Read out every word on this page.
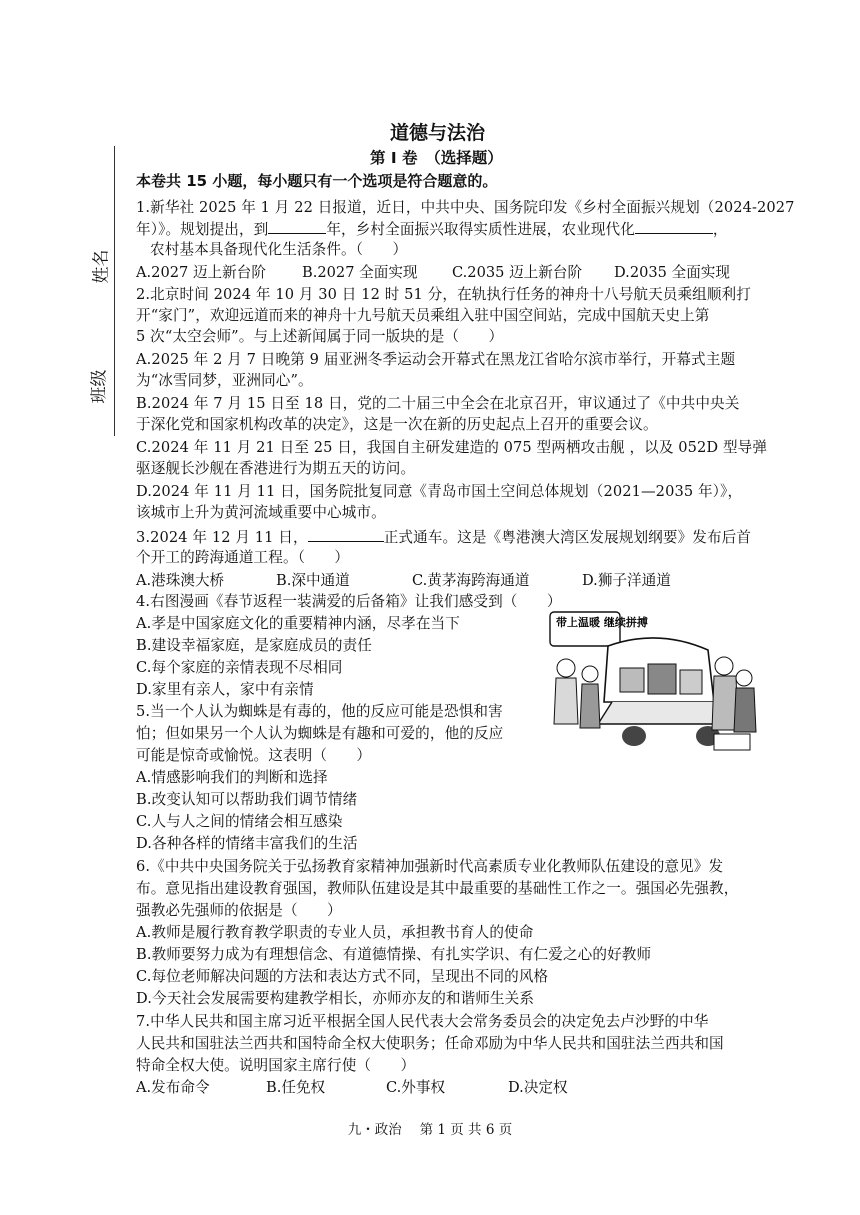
姓名
班级
道德与法治
第 Ⅰ 卷　（选择题）
本卷共 15 小题，每小题只有一个选项是符合题意的。
1.新华社 2025 年 1 月 22 日报道，近日，中共中央、国务院印发《乡村全面振兴规划（2024-2027
年）》。规划提出，到	年，乡村全面振兴取得实质性进展，农业现代化	，
农村基本具备现代化生活条件。（　　）
A.2027 迈上新台阶 B.2027 全面实现 C.2035 迈上新台阶 D.2035 全面实现
2.北京时间 2024 年 10 月 30 日 12 时 51 分，在轨执行任务的神舟十八号航天员乘组顺利打
开“家门”，欢迎远道而来的神舟十九号航天员乘组入驻中国空间站，完成中国航天史上第
5 次“太空会师”。与上述新闻属于同一版块的是（　　）
A.2025 年 2 月 7 日晚第 9 届亚洲冬季运动会开幕式在黑龙江省哈尔滨市举行，开幕式主题
为“冰雪同梦，亚洲同心”。
B.2024 年 7 月 15 日至 18 日，党的二十届三中全会在北京召开，审议通过了《中共中央关
于深化党和国家机构改革的决定》，这是一次在新的历史起点上召开的重要会议。
C.2024 年 11 月 21 日至 25 日，我国自主研发建造的 075 型两栖攻击舰 ，以及 052D 型导弹
驱逐舰长沙舰在香港进行为期五天的访问。
D.2024 年 11 月 11 日，国务院批复同意《青岛市国土空间总体规划（2021—2035 年）》，
该城市上升为黄河流域重要中心城市。
3.2024 年 12 月 11 日，	正式通车。这是《粤港澳大湾区发展规划纲要》发布后首
个开工的跨海通道工程。（　　）
A.港珠澳大桥	B.深中通道	C.黄茅海跨海通道	D.狮子洋通道
4.右图漫画《春节返程一装满爱的后备箱》让我们感受到（　　）
A.孝是中国家庭文化的重要精神内涵，尽孝在当下
B.建设幸福家庭，是家庭成员的责任
C.每个家庭的亲情表现不尽相同
D.家里有亲人，家中有亲情
带上温暖 继续拼搏
5.当一个人认为蜘蛛是有毒的，他的反应可能是恐惧和害
怕；但如果另一个人认为蜘蛛是有趣和可爱的，他的反应
可能是惊奇或愉悦。这表明（　　）
A.情感影响我们的判断和选择
B.改变认知可以帮助我们调节情绪
C.人与人之间的情绪会相互感染
D.各种各样的情绪丰富我们的生活
6.《中共中央国务院关于弘扬教育家精神加强新时代高素质专业化教师队伍建设的意见》发
布。意见指出建设教育强国，教师队伍建设是其中最重要的基础性工作之一。强国必先强教，
强教必先强师的依据是（　　）
A.教师是履行教育教学职责的专业人员，承担教书育人的使命
B.教师要努力成为有理想信念、有道德情操、有扎实学识、有仁爱之心的好教师
C.每位老师解决问题的方法和表达方式不同，呈现出不同的风格
D.今天社会发展需要构建教学相长，亦师亦友的和谐师生关系
7.中华人民共和国主席习近平根据全国人民代表大会常务委员会的决定免去卢沙野的中华
人民共和国驻法兰西共和国特命全权大使职务；任命邓励为中华人民共和国驻法兰西共和国
特命全权大使。说明国家主席行使（　　）
A.发布命令	B.任免权	C.外事权	D.决定权
九・政治　 第 1 页 共 6 页
